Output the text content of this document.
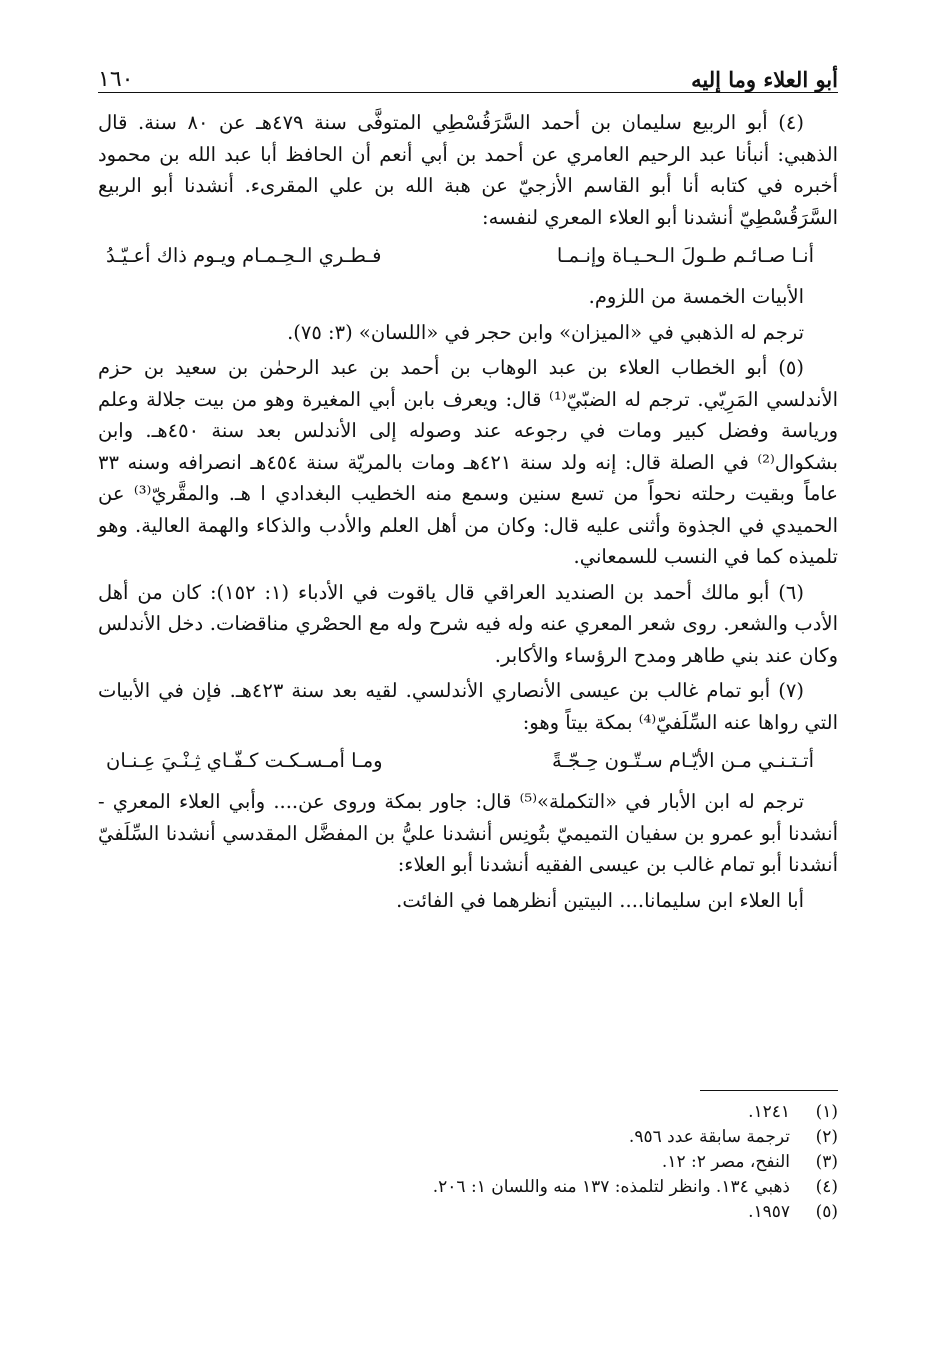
أبو العلاء وما إليه
١٦٠

(٤) أبو الربيع سليمان بن أحمد السَّرَقُسْطِي المتوفَّى سنة ٤٧٩هـ عن ٨٠ سنة. قال الذهبي: أنبأنا عبد الرحيم العامري عن أحمد بن أبي أنعم أن الحافظ أبا عبد الله بن محمود أخبره في كتابه أنا أبو القاسم الأزجيّ عن هبة الله بن علي المقرىء. أنشدنا أبو الربيع السَّرَقُسْطِيّ أنشدنا أبو العلاء المعري لنفسه:

أنـا صـائـم طـولَ الـحـيـاة وإنـمـا
فـطـري الـحِـمـام ويـوم ذاك أعـيّـدُ

الأبيات الخمسة من اللزوم.

ترجم له الذهبي في «الميزان» وابن حجر في «اللسان» (٣: ٧٥).

(٥) أبو الخطاب العلاء بن عبد الوهاب بن أحمد بن عبد الرحمٰن بن سعيد بن حزم الأندلسي المَرِيّي. ترجم له الضبّيّ⁽¹⁾ قال: ويعرف بابن أبي المغيرة وهو من بيت جلالة وعلم ورياسة وفضل كبير ومات في رجوعه عند وصوله إلى الأندلس بعد سنة ٤٥٠هـ. وابن بشكوال⁽²⁾ في الصلة قال: إنه ولد سنة ٤٢١هـ ومات بالمريّة سنة ٤٥٤هـ انصرافه وسنه ٣٣ عاماً وبقيت رحلته نحواً من تسع سنين وسمع منه الخطيب البغدادي ا هـ. والمقَّريّ⁽³⁾ عن الحميدي في الجذوة وأثنى عليه قال: وكان من أهل العلم والأدب والذكاء والهمة العالية. وهو تلميذه كما في النسب للسمعاني.

(٦) أبو مالك أحمد بن الصنديد العراقي قال ياقوت في الأدباء (١: ١٥٢): كان من أهل الأدب والشعر. روى شعر المعري عنه وله فيه شرح وله مع الحصْري مناقضات. دخل الأندلس وكان عند بني طاهر ومدح الرؤساء والأكابر.

(٧) أبو تمام غالب بن عيسى الأنصاري الأندلسي. لقيه بعد سنة ٤٢٣هـ. فإن في الأبيات التي رواها عنه السِّلَفيّ⁽⁴⁾ بمكة بيتاً وهو:

أتـتـنـي مـن الأيّـام سـتّـون حِـجّـةً
ومـا أمـسـكـت كـفّـاي ثِـنْـيَ عِـنـان

ترجم له ابن الأبار في «التكملة»⁽⁵⁾ قال: جاور بمكة وروى عن.... وأبي العلاء المعري - أنشدنا أبو عمرو بن سفيان التميميّ بتُونِس أنشدنا عليُّ بن المفضَّل المقدسي أنشدنا السِّلَفيّ أنشدنا أبو تمام غالب بن عيسى الفقيه أنشدنا أبو العلاء:

أبا العلاء ابن سليمانا.... البيتين أنظرهما في الفائت.

(١)
١٢٤١.
(٢)
ترجمة سابقة عدد ٩٥٦.
(٣)
النفح، مصر ٢: ١٢.
(٤)
ذهبي ١٣٤. وانظر لتلمذه: ١٣٧ منه واللسان ١: ٢٠٦.
(٥)
١٩٥٧.
